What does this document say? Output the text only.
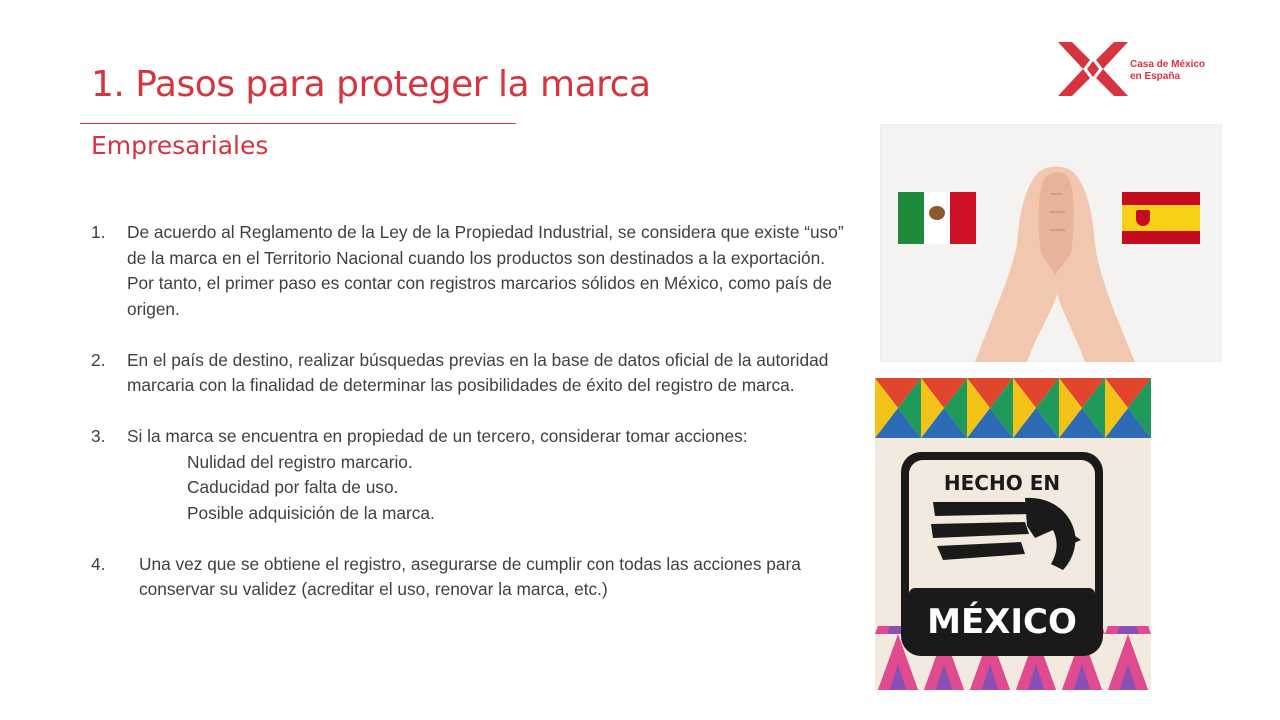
Casa de México
en España
1. Pasos para proteger la marca
Empresariales
1. De acuerdo al Reglamento de la Ley de la Propiedad Industrial, se considera que existe “uso” de la marca en el Territorio Nacional cuando los productos son destinados a la exportación. Por tanto, el primer paso es contar con registros marcarios sólidos en México, como país de origen.
2. En el país de destino, realizar búsquedas previas en la base de datos oficial de la autoridad marcaria con la finalidad de determinar las posibilidades de éxito del registro de marca.
3. Si la marca se encuentra en propiedad de un tercero, considerar tomar acciones:
Nulidad del registro marcario.
Caducidad por falta de uso.
Posible adquisición de la marca.
4. Una vez que se obtiene el registro, asegurarse de cumplir con todas las acciones para conservar su validez (acreditar el uso, renovar la marca, etc.)
HECHO EN
MÉXICO
